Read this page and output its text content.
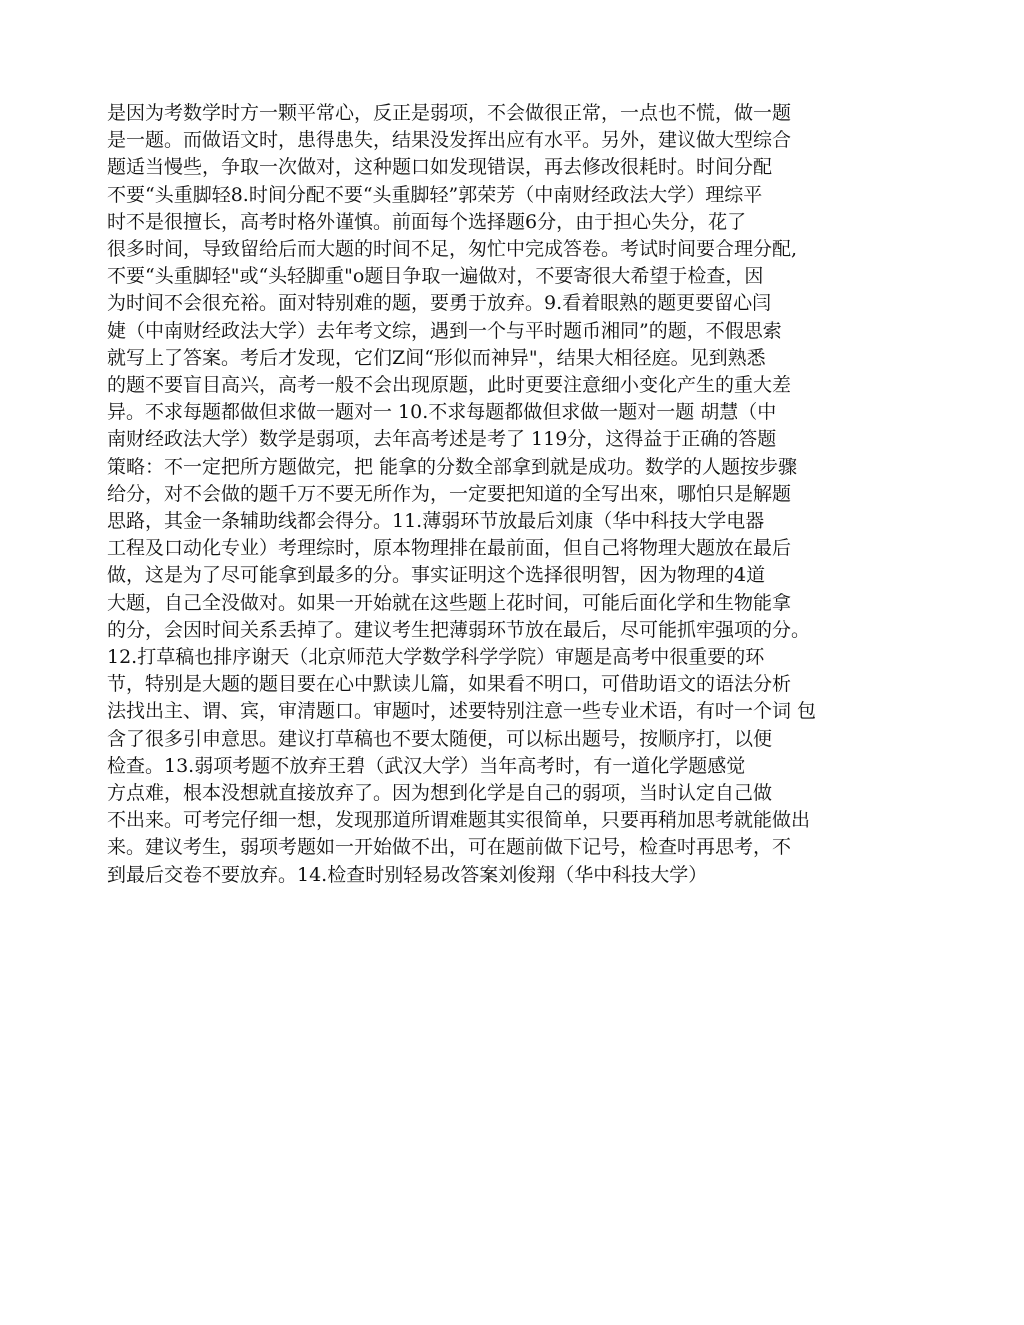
是因为考数学时方一颗平常心，反正是弱项，不会做很正常，一点也不慌，做一题
是一题。而做语文时，患得患失，结果没发挥出应有水平。另外，建议做大型综合
题适当慢些，争取一次做对，这种题口如发现错误，再去修改很耗时。时间分配
不要“头重脚轻8.时间分配不要“头重脚轻”郭荣芳（中南财经政法大学）理综平
时不是很擅长，高考时格外谨慎。前面每个选择题6分，由于担心失分，花了
很多时间，导致留给后而大题的时间不足，匆忙中完成答卷。考试时间要合理分配,
不要“头重脚轻"或“头轻脚重"o题目争取一遍做对，不要寄很大希望于检查，因
为时间不会很充裕。面对特别难的题，要勇于放弃。9.看着眼熟的题更要留心闫
婕（中南财经政法大学）去年考文综，遇到一个与平时题币湘同”的题，不假思索
就写上了答案。考后才发现，它们Z间“形似而神异"，结果大相径庭。见到熟悉
的题不要盲目高兴，高考一般不会出现原题，此时更要注意细小变化产生的重大差
异。不求每题都做但求做一题对一 10.不求每题都做但求做一题对一题 胡慧（中
南财经政法大学）数学是弱项，去年高考述是考了 119分，这得益于正确的答题
策略：不一定把所方题做完，把 能拿的分数全部拿到就是成功。数学的人题按步骤
给分，对不会做的题千万不要无所作为，一定要把知道的全写出來，哪怕只是解题
思路，其金一条辅助线都会得分。11.薄弱环节放最后刘康（华中科技大学电器
工程及口动化专业）考理综时，原本物理排在最前面，但自己将物理大题放在最后
做，这是为了尽可能拿到最多的分。事实证明这个选择很明智，因为物理的4道
大题，自己全没做对。如果一开始就在这些题上花时间，可能后面化学和生物能拿
的分，会因时间关系丢掉了。建议考生把薄弱环节放在最后，尽可能抓牢强项的分。
12.打草稿也排序谢天（北京师范大学数学科学学院）审题是高考中很重要的环
节，特别是大题的题目要在心中默读儿篇，如果看不明口，可借助语文的语法分析
法找出主、谓、宾，审清题口。审题吋，述要特别注意一些专业术语，有吋一个词 包
含了很多引申意思。建议打草稿也不要太随便，可以标出题号，按顺序打，以便
检查。13.弱项考题不放弃王碧（武汉大学）当年高考时，有一道化学题感觉
方点难，根本没想就直接放弃了。因为想到化学是自己的弱项，当时认定自己做
不出来。可考完仔细一想，发现那道所谓难题其实很简单，只要再稍加思考就能做出
来。建议考生，弱项考题如一开始做不出，可在题前做下记号，检查吋再思考，不
到最后交卷不要放弃。14.检查时别轻易改答案刘俊翔（华中科技大学）
